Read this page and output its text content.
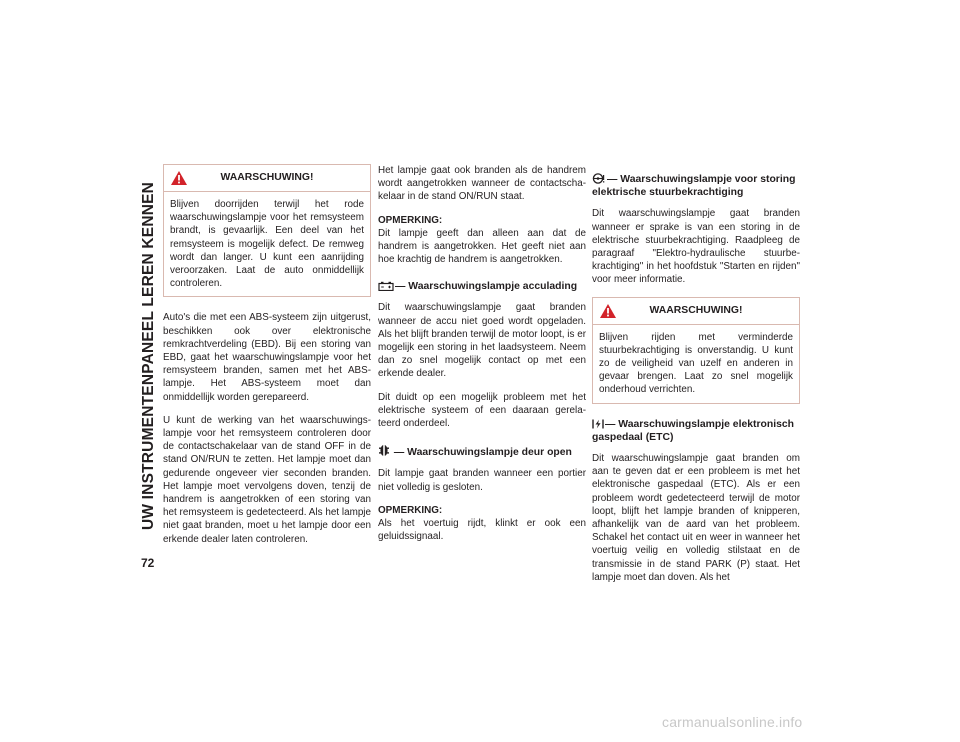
UW INSTRUMENTENPANEEL LEREN KENNEN
72
WAARSCHUWING!
Blijven doorrijden terwijl het rode waarschuwingslampje voor het remsysteem brandt, is gevaarlijk. Een deel van het remsysteem is mogelijk defect. De remweg wordt dan langer. U kunt een aanrijding veroorzaken. Laat de auto onmiddellijk controleren.

Auto's die met een ABS-systeem zijn uitgerust, beschikken ook over elektronische remkrachtverdeling (EBD). Bij een storing van EBD, gaat het waarschuwingslampje voor het remsysteem branden, samen met het ABS-lampje. Het ABS-systeem moet dan onmiddellijk worden gerepareerd.

U kunt de werking van het waarschuwingslampje voor het remsysteem controleren door de contactschakelaar van de stand OFF in de stand ON/RUN te zetten. Het lampje moet dan gedurende ongeveer vier seconden branden. Het lampje moet vervolgens doven, tenzij de handrem is aangetrokken of een storing van het remsysteem is gedetecteerd. Als het lampje niet gaat branden, moet u het lampje door een erkende dealer laten controleren.

Het lampje gaat ook branden als de handrem wordt aangetrokken wanneer de contactschakelaar in de stand ON/RUN staat.

OPMERKING:

Dit lampje geeft dan alleen aan dat de handrem is aangetrokken. Het geeft niet aan hoe krachtig de handrem is aangetrokken.

— Waarschuwingslampje acculading

Dit waarschuwingslampje gaat branden wanneer de accu niet goed wordt opgeladen. Als het blijft branden terwijl de motor loopt, is er mogelijk een storing in het laadsysteem. Neem dan zo snel mogelijk contact op met een erkende dealer.

Dit duidt op een mogelijk probleem met het elektrische systeem of een daaraan gerelateerd onderdeel.

— Waarschuwingslampje deur open

Dit lampje gaat branden wanneer een portier niet volledig is gesloten.

OPMERKING:

Als het voertuig rijdt, klinkt er ook een geluidssignaal.

— Waarschuwingslampje voor storing elektrische stuurbekrachtiging

Dit waarschuwingslampje gaat branden wanneer er sprake is van een storing in de elektrische stuurbekrachtiging. Raadpleeg de paragraaf "Elektro-hydraulische stuurbekrachtiging" in het hoofdstuk "Starten en rijden" voor meer informatie.

WAARSCHUWING!
Blijven rijden met verminderde stuurbekrachtiging is onverstandig. U kunt zo de veiligheid van uzelf en anderen in gevaar brengen. Laat zo snel mogelijk onderhoud verrichten.
— Waarschuwingslampje elektronisch gaspedaal (ETC)

Dit waarschuwingslampje gaat branden om aan te geven dat er een probleem is met het elektronische gaspedaal (ETC). Als er een probleem wordt gedetecteerd terwijl de motor loopt, blijft het lampje branden of knipperen, afhankelijk van de aard van het probleem. Schakel het contact uit en weer in wanneer het voertuig veilig en volledig stilstaat en de transmissie in de stand PARK (P) staat. Het lampje moet dan doven. Als het

carmanualsonline.info
